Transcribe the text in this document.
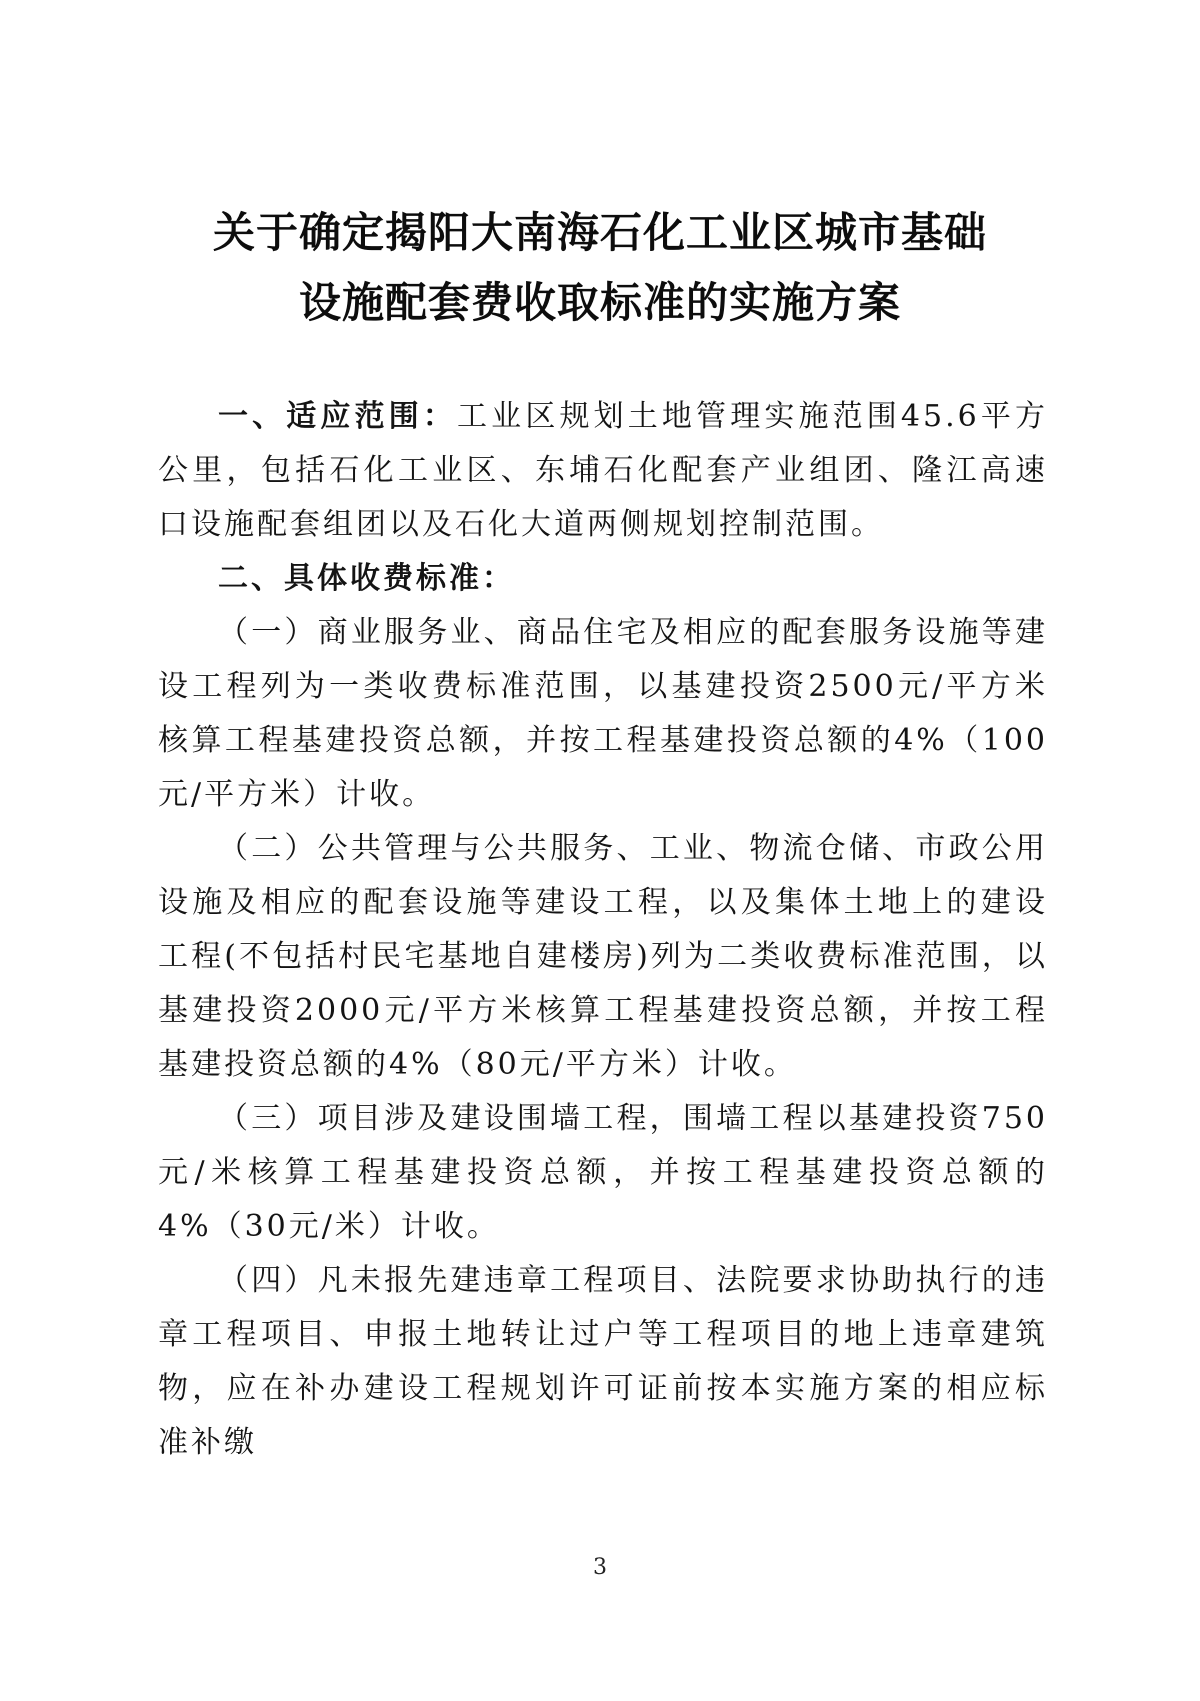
关于确定揭阳大南海石化工业区城市基础
设施配套费收取标准的实施方案

一、适应范围：工业区规划土地管理实施范围45.6平方公里，包括石化工业区、东埔石化配套产业组团、隆江高速口设施配套组团以及石化大道两侧规划控制范围。

二、具体收费标准：

（一）商业服务业、商品住宅及相应的配套服务设施等建设工程列为一类收费标准范围，以基建投资2500元/平方米核算工程基建投资总额，并按工程基建投资总额的4%（100元/平方米）计收。

（二）公共管理与公共服务、工业、物流仓储、市政公用设施及相应的配套设施等建设工程，以及集体土地上的建设工程(不包括村民宅基地自建楼房)列为二类收费标准范围，以基建投资2000元/平方米核算工程基建投资总额，并按工程基建投资总额的4%（80元/平方米）计收。

（三）项目涉及建设围墙工程，围墙工程以基建投资750元/米核算工程基建投资总额，并按工程基建投资总额的4%（30元/米）计收。

（四）凡未报先建违章工程项目、法院要求协助执行的违章工程项目、申报土地转让过户等工程项目的地上违章建筑物，应在补办建设工程规划许可证前按本实施方案的相应标准补缴

3
